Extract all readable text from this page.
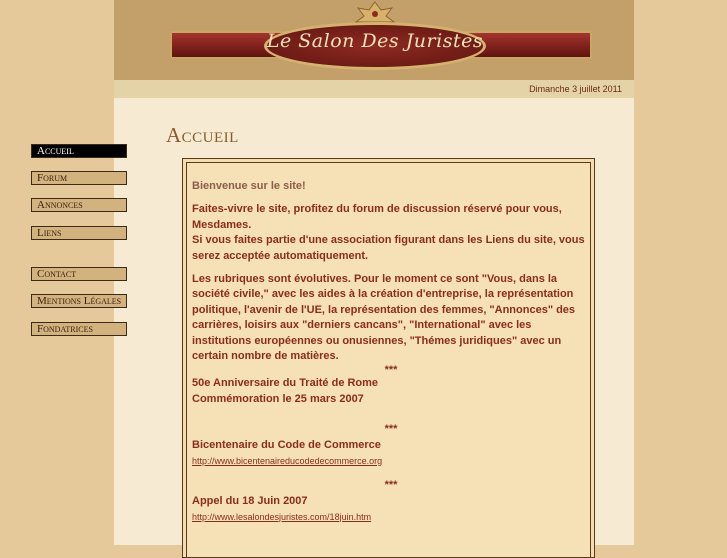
Le Salon Des Juristes
Dimanche 3 juillet 2011
Accueil
Forum
Annonces
Liens
Contact
Mentions Légales
Fondatrices
Accueil

Bienvenue sur le site!

Faites-vivre le site, profitez du forum de discussion réservé pour vous, Mesdames.
Si vous faites partie d'une association figurant dans les Liens du site, vous serez acceptée automatiquement.

Les rubriques sont évolutives. Pour le moment ce sont "Vous, dans la société civile," avec les aides à la création d'entreprise, la représentation politique, l'avenir de l'UE, la représentation des femmes, "Annonces" des carrières, loisirs aux "derniers cancans", "International" avec les institutions européennes ou onusiennes, "Thémes juridiques" avec un certain nombre de matières.

***
50e Anniversaire du Traité de Rome
Commémoration le 25 mars 2007
***
Bicentenaire du Code de Commerce
http://www.bicentenaireducodedecommerce.org
***
Appel du 18 Juin 2007
http://www.lesalondesjuristes.com/18juin.htm
